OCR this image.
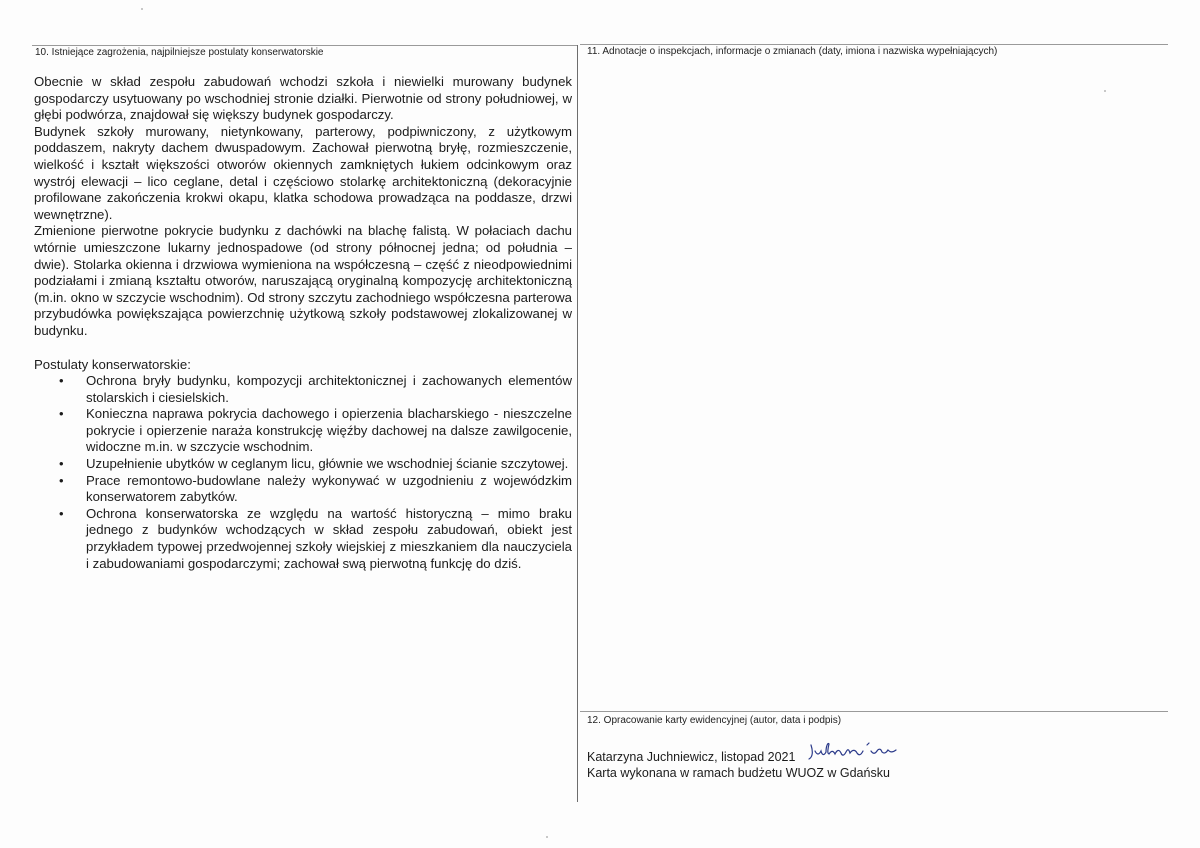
10. Istniejące zagrożenia, najpilniejsze postulaty konserwatorskie	11. Adnotacje o inspekcjach, informacje o zmianach (daty, imiona i nazwiska wypełniających)
12. Opracowanie karty ewidencyjnej (autor, data i podpis)

Obecnie w skład zespołu zabudowań wchodzi szkoła i niewielki murowany budynek gospodarczy usytuowany po wschodniej stronie działki. Pierwotnie od strony południowej, w głębi podwórza, znajdował się większy budynek gospodarczy.

Budynek szkoły murowany, nietynkowany, parterowy, podpiwniczony, z użytkowym poddaszem, nakryty dachem dwuspadowym. Zachował pierwotną bryłę, rozmieszczenie, wielkość i kształt większości otworów okiennych zamkniętych łukiem odcinkowym oraz wystrój elewacji – lico ceglane, detal i częściowo stolarkę architektoniczną (dekoracyjnie profilowane zakończenia krokwi okapu, klatka schodowa prowadząca na poddasze, drzwi wewnętrzne).

Zmienione pierwotne pokrycie budynku z dachówki na blachę falistą. W połaciach dachu wtórnie umieszczone lukarny jednospadowe (od strony północnej jedna; od południa – dwie). Stolarka okienna i drzwiowa wymieniona na współczesną – część z nieodpowiednimi podziałami i zmianą kształtu otworów, naruszającą oryginalną kompozycję architektoniczną (m.in. okno w szczycie wschodnim). Od strony szczytu zachodniego współczesna parterowa przybudówka powiększająca powierzchnię użytkową szkoły podstawowej zlokalizowanej w budynku.

Postulaty konserwatorskie:

• Ochrona bryły budynku, kompozycji architektonicznej i zachowanych elementów stolarskich i ciesielskich.
• Konieczna naprawa pokrycia dachowego i opierzenia blacharskiego - nieszczelne pokrycie i opierzenie naraża konstrukcję więźby dachowej na dalsze zawilgocenie, widoczne m.in. w szczycie wschodnim.
• Uzupełnienie ubytków w ceglanym licu, głównie we wschodniej ścianie szczytowej.
• Prace remontowo-budowlane należy wykonywać w uzgodnieniu z wojewódzkim konserwatorem zabytków.
• Ochrona konserwatorska ze względu na wartość historyczną – mimo braku jednego z budynków wchodzących w skład zespołu zabudowań, obiekt jest przykładem typowej przedwojennej szkoły wiejskiej z mieszkaniem dla nauczyciela i zabudowaniami gospodarczymi; zachował swą pierwotną funkcję do dziś.
Katarzyna Juchniewicz, listopad 2021
Karta wykonana w ramach budżetu WUOZ w Gdańsku
